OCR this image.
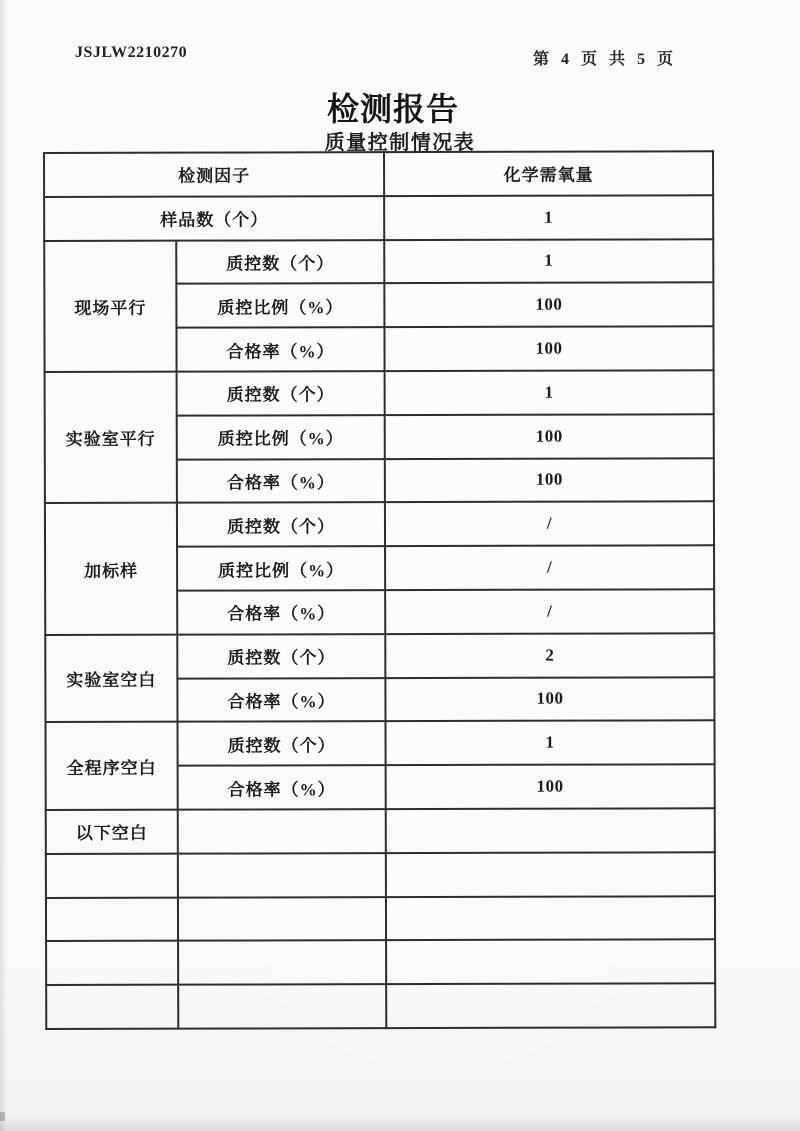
JSJLW2210270	第 4 页 共 5 页
检测报告
质量控制情况表
检测因子		化学需氧量
样品数（个）		1
现场平行	质控数（个）	1
	质控比例（%）	100
	合格率（%）	100
实验室平行	质控数（个）	1
	质控比例（%）	100
	合格率（%）	100
加标样	质控数（个）	/
	质控比例（%）	/
	合格率（%）	/
实验室空白	质控数（个）	2
	合格率（%）	100
全程序空白	质控数（个）	1
	合格率（%）	100
以下空白		
